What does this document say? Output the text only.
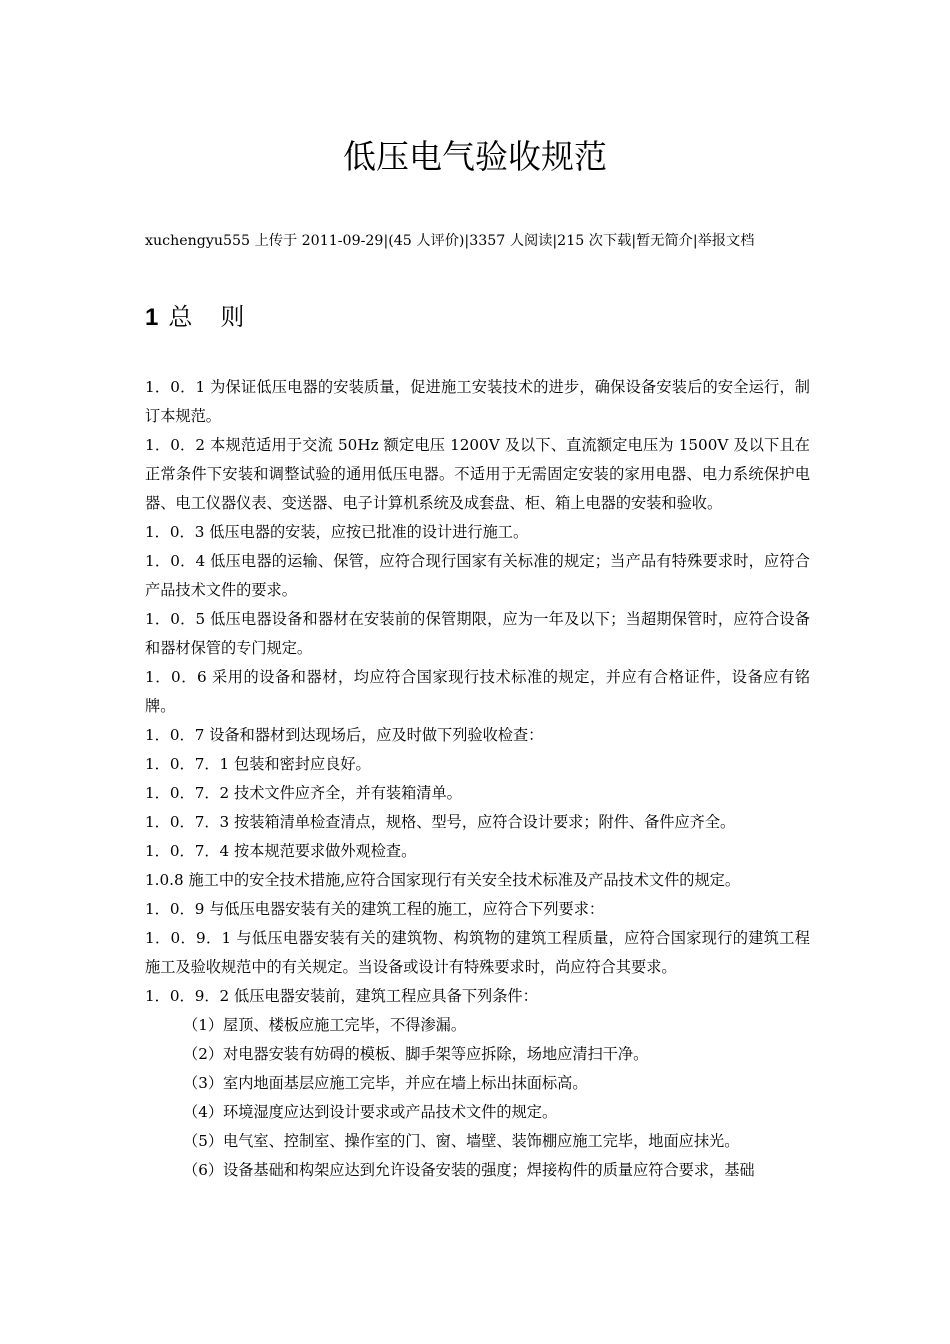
低压电气验收规范
xuchengyu555 上传于 2011-09-29|(45 人评价)|3357 人阅读|215 次下载|暂无简介|举报文档
1 总则

1．0．1 为保证低压电器的安装质量，促进施工安装技术的进步，确保设备安装后的安全运行，制订本规范。

1．0．2 本规范适用于交流 50Hz 额定电压 1200V 及以下、直流额定电压为 1500V 及以下且在正常条件下安装和调整试验的通用低压电器。不适用于无需固定安装的家用电器、电力系统保护电器、电工仪器仪表、变送器、电子计算机系统及成套盘、柜、箱上电器的安装和验收。

1．0．3 低压电器的安装，应按已批准的设计进行施工。

1．0．4 低压电器的运输、保管，应符合现行国家有关标准的规定；当产品有特殊要求时，应符合产品技术文件的要求。

1．0．5 低压电器设备和器材在安装前的保管期限，应为一年及以下；当超期保管时，应符合设备和器材保管的专门规定。

1．0．6 采用的设备和器材，均应符合国家现行技术标准的规定，并应有合格证件，设备应有铭牌。

1．0．7 设备和器材到达现场后，应及时做下列验收检查：

1．0．7．1 包装和密封应良好。

1．0．7．2 技术文件应齐全，并有装箱清单。

1．0．7．3 按装箱清单检查清点，规格、型号，应符合设计要求；附件、备件应齐全。

1．0．7．4 按本规范要求做外观检查。

1.0.8 施工中的安全技术措施,应符合国家现行有关安全技术标准及产品技术文件的规定。

1．0．9 与低压电器安装有关的建筑工程的施工，应符合下列要求：

1．0．9．1 与低压电器安装有关的建筑物、构筑物的建筑工程质量，应符合国家现行的建筑工程施工及验收规范中的有关规定。当设备或设计有特殊要求时，尚应符合其要求。

1．0．9．2 低压电器安装前，建筑工程应具备下列条件：

（1）屋顶、楼板应施工完毕，不得渗漏。

（2）对电器安装有妨碍的模板、脚手架等应拆除，场地应清扫干净。

（3）室内地面基层应施工完毕，并应在墙上标出抹面标高。

（4）环境湿度应达到设计要求或产品技术文件的规定。

（5）电气室、控制室、操作室的门、窗、墙壁、装饰棚应施工完毕，地面应抹光。

（6）设备基础和构架应达到允许设备安装的强度；焊接构件的质量应符合要求，基础
